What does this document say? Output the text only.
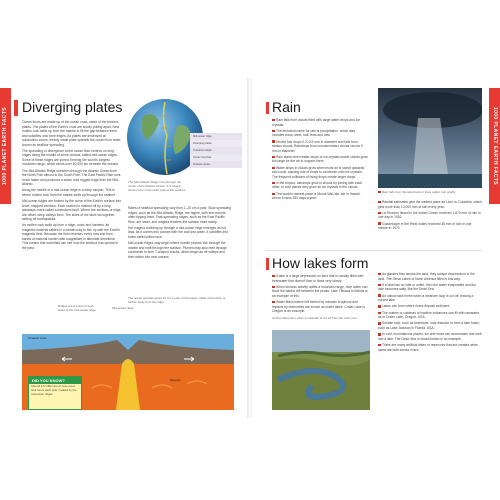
1000 PLANET EARTH FACTS Diverging plates

Ocean floors are made up of the ocean crust, some of the tectonic plates. The plates of the Earth's crust are slowly pulling apart. New molten rock wells up from the mantle to fill the gap between them and solidifies onto their edges. As plates are destroyed at subduction zones, freshly made plate spreads the ocean floor wider, known as seafloor spreading.

The spreading or divergence at the ocean floor centres on long ridges along the middle of some oceans, called mid-ocean ridges. Some of these ridges are joined, forming the world's longest mountain range, which winds over 60,000 km beneath the oceans.

The Mid-Atlantic Ridge stretches through the Atlantic Ocean from the North Pole almost to the South Pole. The East Pacific Rise runs much faster and produces a wider, less rugged ridge than the Mid-Atlantic.

Along the middle of a mid-ocean ridge is a deep canyon. This is where molten rock from the mantle wells up through the seabed.

Mid-ocean ridges are broken by the curve of the Earth's surface into short, stepped sections. Each section is marked off by a long sideways crack called a transform fault. Where the sections of ridge are offset, deep valleys form. The sides of the fault rub together, setting off earthquakes.

As molten rock wells up from a ridge, cools and hardens, its magnetic material settles in a certain way to line up with the Earth's magnetic field. Because the field reverses every now and then, bands of material harden with magnetism in alternate directions. This means that scientists can see how the seafloor has spread in the past.

Mid-ocean ridge
Diverging plates
Transform faults
Ocean trenches
Fracture zones
The Mid-Atlantic Ridge runs through the centre of the Atlantic Ocean. It is clearly shown here in the relief map of the seafloor.

Rates of seafloor spreading vary from 1–20 cm a year. Slow-spreading ridges, such as the Mid-Atlantic Ridge, are higher, with sea mounts often tipping them. Fast-spreading ridges, such as the East Pacific Rise, are lower, and magma reaches the surface more easily.

Hot magma bubbling up through a mid-ocean ridge emerges as hot lava. As it comes into contact with the cold sea water, it solidifies into blobs called pillow lava.

Mid-ocean ridges may begin where mantle plumes rise through the mantle and melt through the surface. Plumes may also melt through continents to form T-shaped cracks, which begin as rift valleys and then widen into new oceans.

The ocean spreads about 10 cm a year at the ridges. Older ocean floor is further away from the ridge.
Ridges are formed on both sides of the mid-ocean ridge	Mid-ocean ridge
Oceanic crust
Magma
DID YOU KNOW?
Around 3.5 million km of new ocean floor forms each year, created by the mid-ocean ridges.
1000 PLANET EARTH FACTS
Rain

Rain falls from clouds filled with large water drops and ice crystals.

The technical name for rain is precipitation, which also includes snow, sleet, hail, frost and dew.

Drizzle has drops 0.2–0.5 mm in diameter and falls from stratus clouds. Raindrops from cumulonimbus clouds can be 5 mm in diameter.

Rain starts when water drops or ice crystals inside clouds grow too large for the air to support them.

Water drops in clouds grow when moist air is swept upwards and cools, causing lots of drops to condense onto ice crystals. The frequent collisions of rising drops create larger drops.

In the tropics, raindrops grow in clouds by joining with each other. In cold places they grow as ice crystals in the clouds.

The world's rainiest place is Mount Wai-'ale-'ale in Hawaii, where it rains 350 days a year.

Rain falls from thunderclouds in lines called 'rain shafts'.

Rainfall estimates give the wettest place as Lloró in Colombia, which gets more than 13,000 mm of rain every year.

La Réunion Island in the Indian Ocean received 1,870 mm of rain in one day in 1952.

Guadeloupe in the West Indies received 38 mm of rain in one minute in 1970.

How lakes form

A lake is a large depression on land that is usually filled with freshwater that doesn't flow or flows very slowly.

When tectonic activity uplifts a mountain range, river water can flood the basins left between the peaks. Lake Titicaca in Bolivia is an example of this.

Water-filled craters left behind by volcanic eruptions and impacts by meteorites are known as crater lakes. Crater Lake in Oregon is an example.

Oxbow lakes form when a meander is cut off from the main river.

As glaciers flow across the land, they scrape depressions in the land. The Great Lakes of North America filled in this way.

If a lake has no inlet or outlet, then the water evaporates and the lake becomes salty, like the Dead Sea.

An oxbow lake forms when a meander loop is cut off, leaving a curved lake.

Lakes can form where rivers deposit sediment.

The craters or calderas of inactive volcanoes can fill with rainwater, as in Crater Lake, Oregon, USA.

Soluble rock, such as limestone, may dissolve to form a lake basin, such as Lake Jackson in Florida, USA.

In cold, mountainous places, ice and snow can accumulate and melt into a lake. The Dead Sea in Israel/Jordan is an example.

There are many artificial lakes or reservoirs that are created when dams are built across rivers.
